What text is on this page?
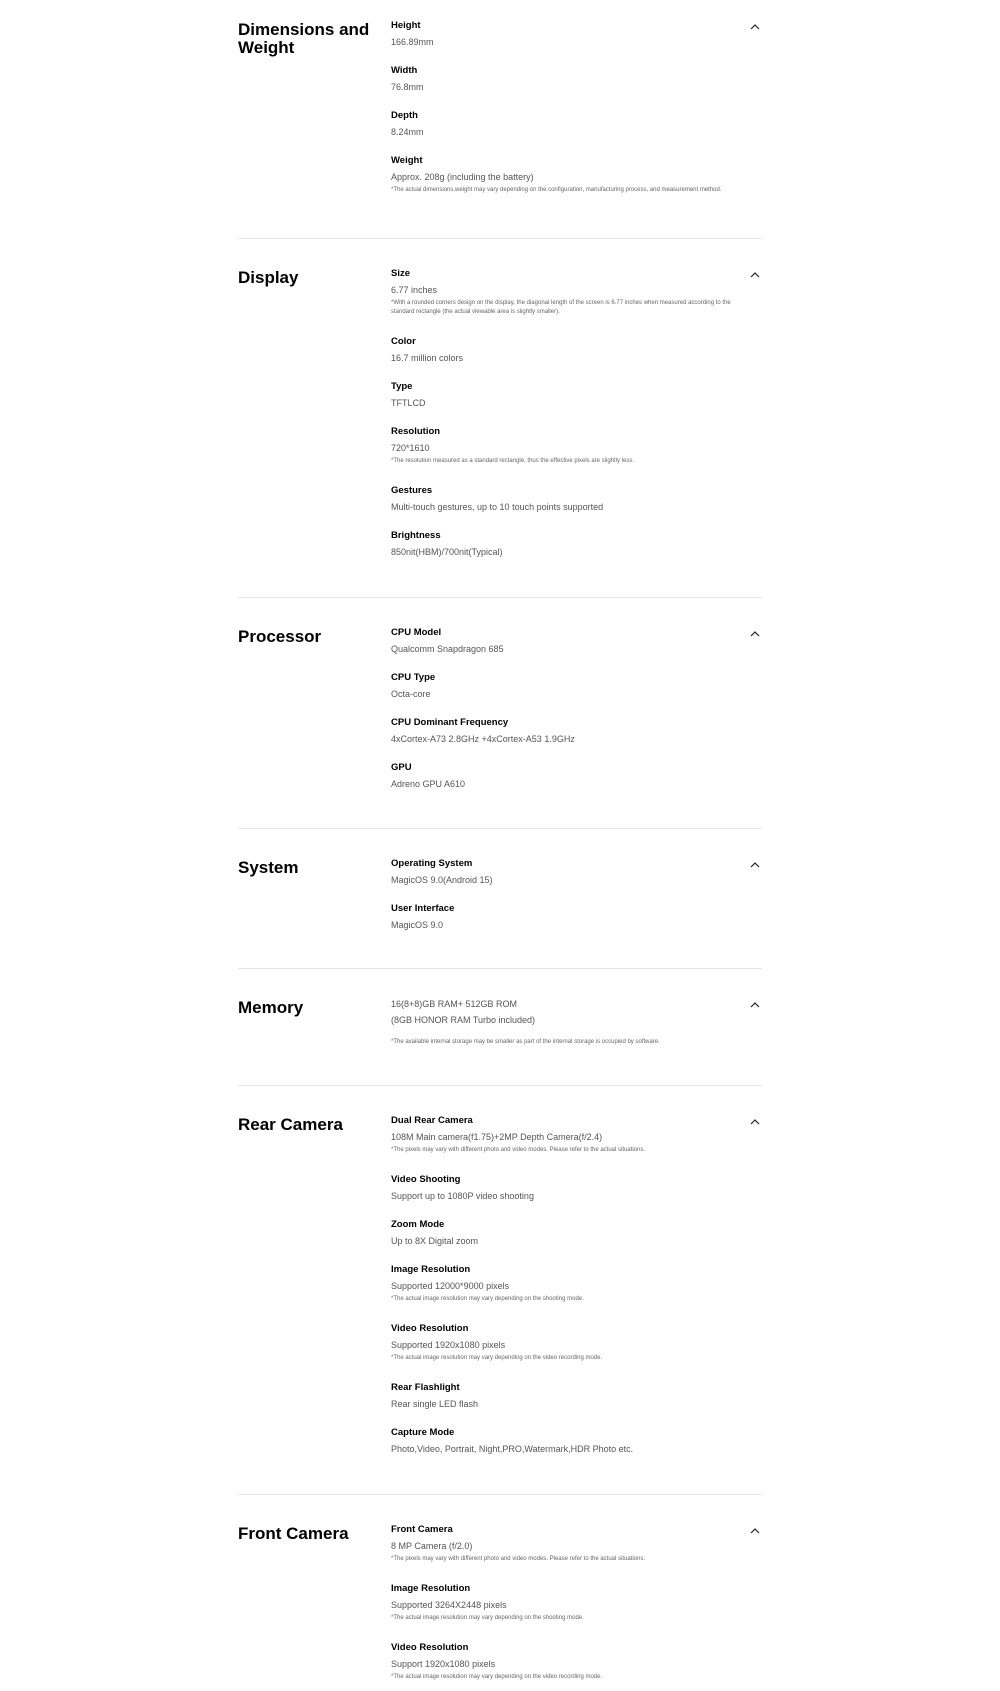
Dimensions and Weight
Height
166.89mm
Width
76.8mm
Depth
8.24mm
Weight
Approx. 208g (including the battery)
*The actual dimensions,weight may vary depending on the configuration, manufacturing process, and measurement method.
Display	Size
6.77 inches
*With a rounded corners design on the display, the diagonal length of the screen is 6.77 inches when measured according to the standard rectangle (the actual viewable area is slightly smaller).
Color
16.7 million colors
Type
TFTLCD
Resolution
720*1610
*The resolution measured as a standard rectangle, thus the effective pixels are slightly less.
Gestures
Multi-touch gestures, up to 10 touch points supported
Brightness
850nit(HBM)/700nit(Typical)
Processor	CPU Model
Qualcomm Snapdragon 685
CPU Type
Octa-core
CPU Dominant Frequency
4xCortex-A73 2.8GHz +4xCortex-A53 1.9GHz
GPU
Adreno GPU A610
System	Operating System
MagicOS 9.0(Android 15)
User Interface
MagicOS 9.0
Memory	16(8+8)GB RAM+ 512GB ROM
(8GB HONOR RAM Turbo included)
*The available internal storage may be smaller as part of the internal storage is occupied by software.
Rear Camera	Dual Rear Camera
108M Main camera(f1.75)+2MP Depth Camera(f/2.4)
*The pixels may vary with different photo and video modes. Please refer to the actual situations.
Video Shooting
Support up to 1080P video shooting
Zoom Mode
Up to 8X Digital zoom
Image Resolution
Supported 12000*9000 pixels
*The actual image resolution may vary depending on the shooting mode.
Video Resolution
Supported 1920x1080 pixels
*The actual image resolution may vary depending on the video recording mode.
Rear Flashlight
Rear single LED flash
Capture Mode
Photo,Video, Portrait, Night,PRO,Watermark,HDR Photo etc.
Front Camera	Front Camera
8 MP Camera (f/2.0)
*The pixels may vary with different photo and video modes. Please refer to the actual situations.
Image Resolution
Supported 3264X2448 pixels
*The actual image resolution may vary depending on the shooting mode.
Video Resolution
Support 1920x1080 pixels
*The actual image resolution may vary depending on the video recording mode.
